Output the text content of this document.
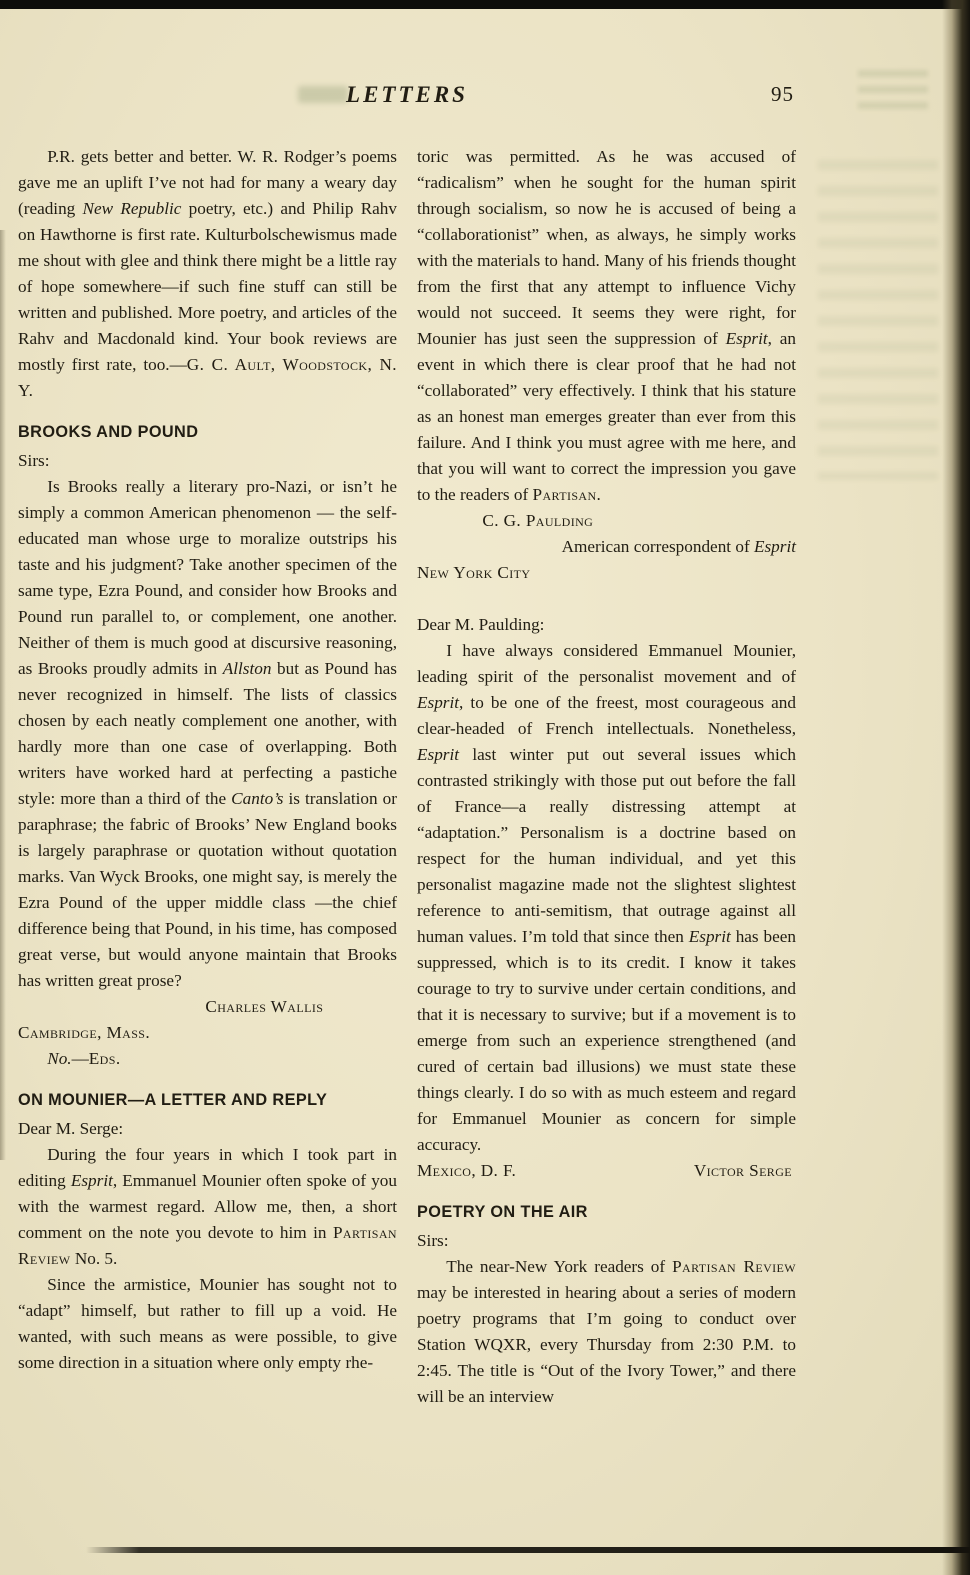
LETTERS	95
P.R. gets better and better. W. R. Rodger’s poems gave me an uplift I’ve not had for many a weary day (reading New Republic poetry, etc.) and Philip Rahv on Hawthorne is first rate. Kulturbolschewismus made me shout with glee and think there might be a little ray of hope somewhere—if such fine stuff can still be written and published. More poetry, and articles of the Rahv and Macdonald kind. Your book reviews are mostly first rate, too.—G. C. Ault, Woodstock, N. Y.
BROOKS AND POUND
Sirs:
Is Brooks really a literary pro-Nazi, or isn’t he simply a common American phenomenon — the self-educated man whose urge to moralize outstrips his taste and his judgment? Take another specimen of the same type, Ezra Pound, and consider how Brooks and Pound run parallel to, or complement, one another. Neither of them is much good at discursive reasoning, as Brooks proudly admits in Allston but as Pound has never recognized in himself. The lists of classics chosen by each neatly complement one another, with hardly more than one case of overlapping. Both writers have worked hard at perfecting a pastiche style: more than a third of the Canto’s is translation or paraphrase; the fabric of Brooks’ New England books is largely paraphrase or quotation without quotation marks. Van Wyck Brooks, one might say, is merely the Ezra Pound of the upper middle class —the chief difference being that Pound, in his time, has composed great verse, but would anyone maintain that Brooks has written great prose?
Charles Wallis
Cambridge, Mass.
No.—Eds.
ON MOUNIER—A LETTER AND REPLY
Dear M. Serge:
During the four years in which I took part in editing Esprit, Emmanuel Mounier often spoke of you with the warmest regard. Allow me, then, a short comment on the note you devote to him in Partisan Review No. 5.
Since the armistice, Mounier has sought not to “adapt” himself, but rather to fill up a void. He wanted, with such means as were possible, to give some direction in a situation where only empty rhe-
toric was permitted. As he was accused of “radicalism” when he sought for the human spirit through socialism, so now he is accused of being a “collaborationist” when, as always, he simply works with the materials to hand. Many of his friends thought from the first that any attempt to influence Vichy would not succeed. It seems they were right, for Mounier has just seen the suppression of Esprit, an event in which there is clear proof that he had not “collaborated” very effectively. I think that his stature as an honest man emerges greater than ever from this failure. And I think you must agree with me here, and that you will want to correct the impression you gave to the readers of Partisan.
C. G. Paulding
American correspondent of Esprit
New York City
Dear M. Paulding:
I have always considered Emmanuel Mounier, leading spirit of the personalist movement and of Esprit, to be one of the freest, most courageous and clear-headed of French intellectuals. Nonetheless, Esprit last winter put out several issues which contrasted strikingly with those put out before the fall of France—a really distressing attempt at “adaptation.” Personalism is a doctrine based on respect for the human individual, and yet this personalist magazine made not the slightest slightest reference to anti-semitism, that outrage against all human values. I’m told that since then Esprit has been suppressed, which is to its credit. I know it takes courage to try to survive under certain conditions, and that it is necessary to survive; but if a movement is to emerge from such an experience strengthened (and cured of certain bad illusions) we must state these things clearly. I do so with as much esteem and regard for Emmanuel Mounier as concern for simple accuracy.
Mexico, D. F.	Victor Serge
POETRY ON THE AIR
Sirs:
The near-New York readers of Partisan Review may be interested in hearing about a series of modern poetry programs that I’m going to conduct over Station WQXR, every Thursday from 2:30 P.M. to 2:45. The title is “Out of the Ivory Tower,” and there will be an interview
